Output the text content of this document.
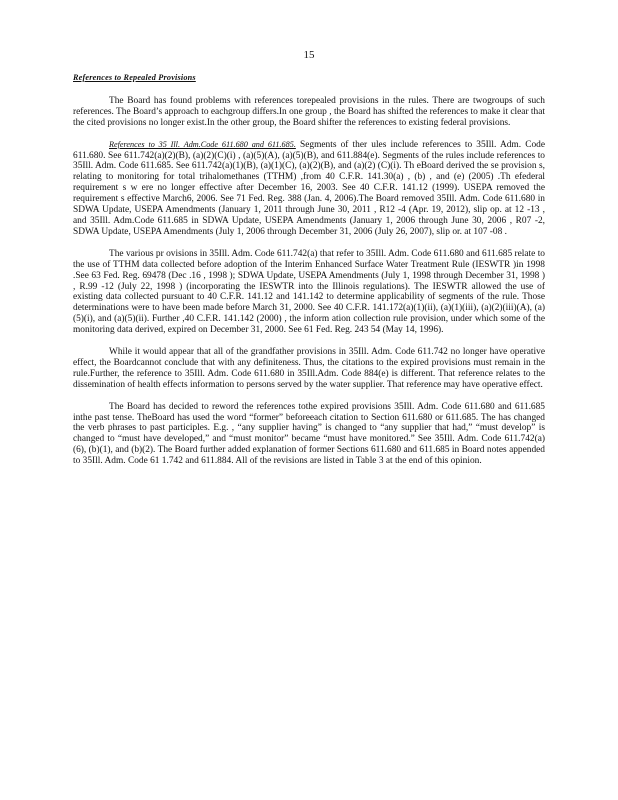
15
References to Repealed Provisions

The Board has found problems with references torepealed provisions in the rules. There are twogroups of such references. The Board’s approach to eachgroup differs.In one group , the Board has shifted the references to make it clear that the cited provisions no longer exist.In the other group, the Board shifter the references to existing federal provisions.

References to 35 Ill. Adm.Code 611.680 and 611.685. Segments of ther ules include references to 35Ill. Adm. Code 611.680. See 611.742(a)(2)(B), (a)(2)(C)(i) , (a)(5)(A), (a)(5)(B), and 611.884(e). Segments of the rules include references to 35Ill. Adm. Code 611.685. See 611.742(a)(1)(B), (a)(1)(C), (a)(2)(B), and (a)(2) (C)(i). Th eBoard derived the se provision s, relating to monitoring for total trihalomethanes (TTHM) ,from 40 C.F.R. 141.30(a) , (b) , and (e) (2005) .Th efederal requirement s w ere no longer effective after December 16, 2003. See 40 C.F.R. 141.12 (1999). USEPA removed the requirement s effective March6, 2006. See 71 Fed. Reg. 388 (Jan. 4, 2006).The Board removed 35Ill. Adm. Code 611.680 in SDWA Update, USEPA Amendments (January 1, 2011 through June 30, 2011 , R12 -4 (Apr. 19, 2012), slip op. at 12 -13 , and 35Ill. Adm.Code 611.685 in SDWA Update, USEPA Amendments (January 1, 2006 through June 30, 2006 , R07 -2, SDWA Update, USEPA Amendments (July 1, 2006 through December 31, 2006 (July 26, 2007), slip or. at 107 -08 .

The various pr ovisions in 35Ill. Adm. Code 611.742(a) that refer to 35Ill. Adm. Code 611.680 and 611.685 relate to the use of TTHM data collected before adoption of the Interim Enhanced Surface Water Treatment Rule (IESWTR )in 1998 .See 63 Fed. Reg. 69478 (Dec .16 , 1998 ); SDWA Update, USEPA Amendments (July 1, 1998 through December 31, 1998 ) , R.99 -12 (July 22, 1998 ) (incorporating the IESWTR into the Illinois regulations). The IESWTR allowed the use of existing data collected pursuant to 40 C.F.R. 141.12 and 141.142 to determine applicability of segments of the rule. Those determinations were to have been made before March 31, 2000. See 40 C.F.R. 141.172(a)(1)(ii), (a)(1)(iii), (a)(2)(iii)(A), (a)(5)(i), and (a)(5)(ii). Further ,40 C.F.R. 141.142 (2000) , the inform ation collection rule provision, under which some of the monitoring data derived, expired on December 31, 2000. See 61 Fed. Reg. 243 54 (May 14, 1996).

While it would appear that all of the grandfather provisions in 35Ill. Adm. Code 611.742 no longer have operative effect, the Boardcannot conclude that with any definiteness. Thus, the citations to the expired provisions must remain in the rule.Further, the reference to 35Ill. Adm. Code 611.680 in 35Ill.Adm. Code 884(e) is different. That reference relates to the dissemination of health effects information to persons served by the water supplier. That reference may have operative effect.

The Board has decided to reword the references tothe expired provisions 35Ill. Adm. Code 611.680 and 611.685 inthe past tense. TheBoard has used the word “former” beforeeach citation to Section 611.680 or 611.685. The has changed the verb phrases to past participles. E.g. , “any supplier having” is changed to “any supplier that had,” “must develop” is changed to “must have developed,” and “must monitor” became “must have monitored.” See 35Ill. Adm. Code 611.742(a)(6), (b)(1), and (b)(2). The Board further added explanation of former Sections 611.680 and 611.685 in Board notes appended to 35Ill. Adm. Code 61 1.742 and 611.884. All of the revisions are listed in Table 3 at the end of this opinion.
